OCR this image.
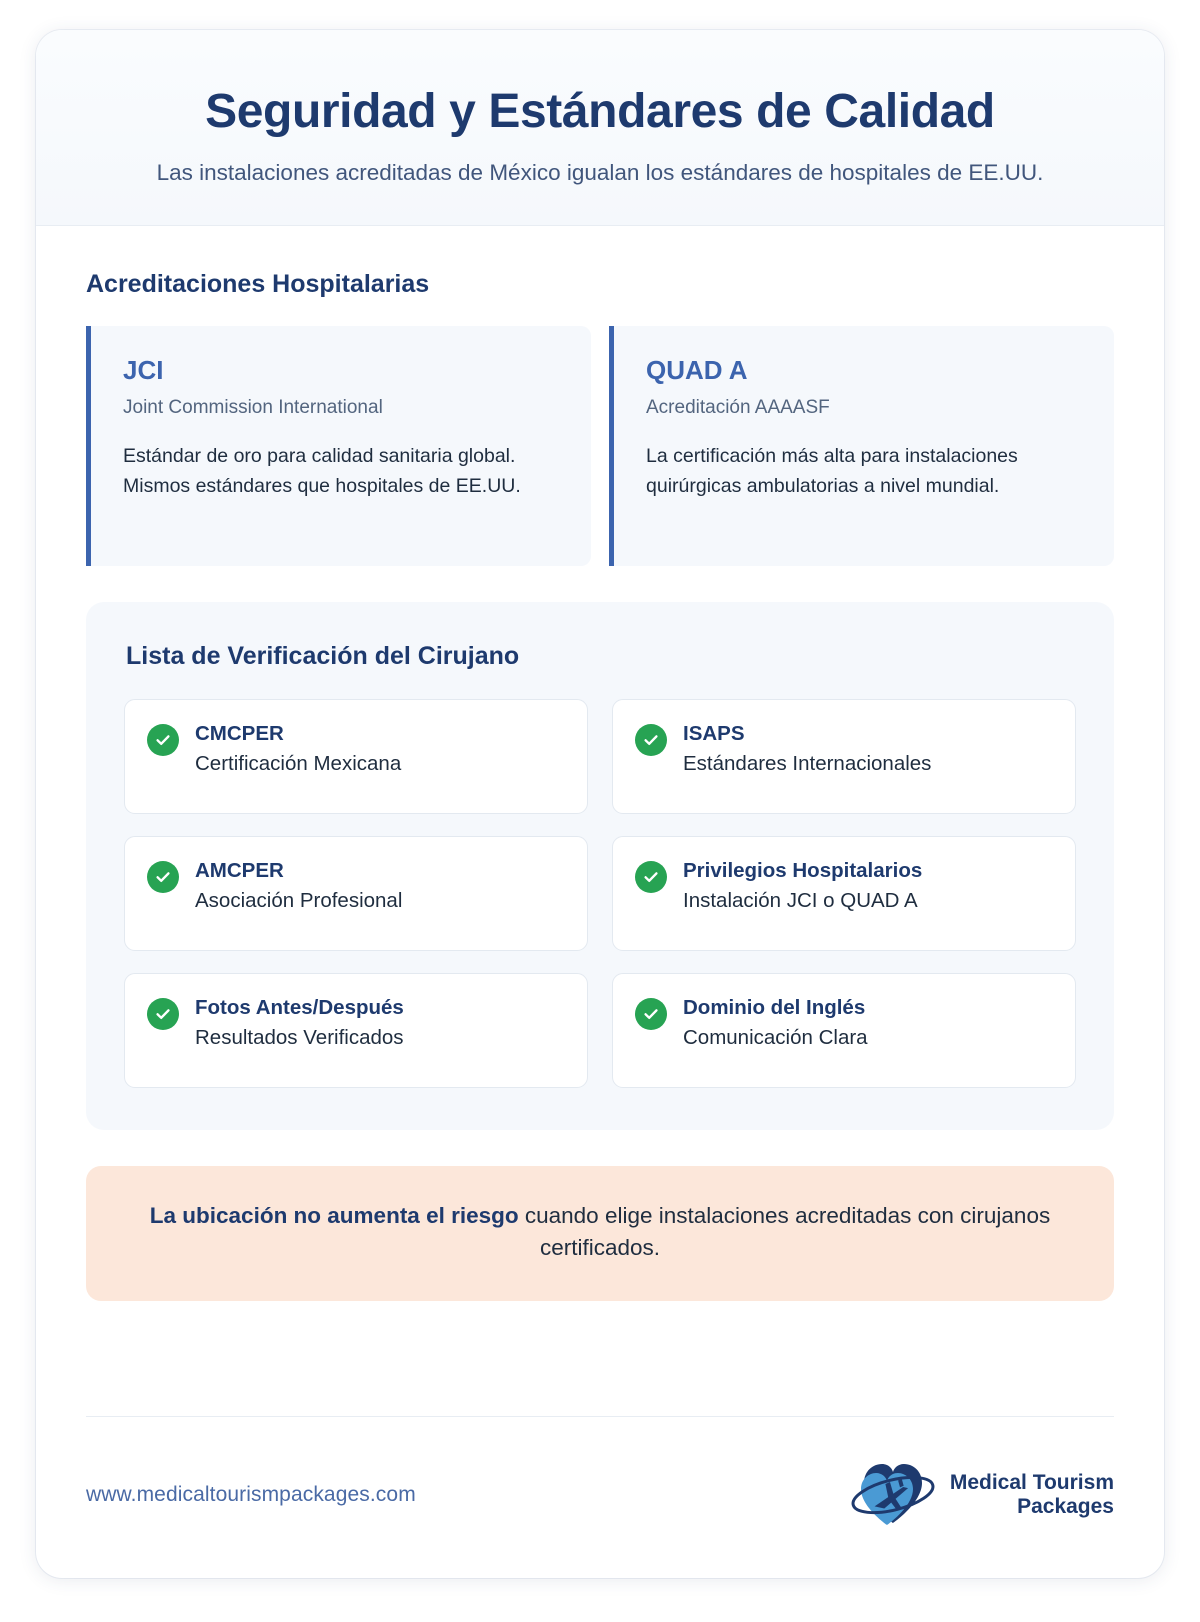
Seguridad y Estándares de Calidad

Las instalaciones acreditadas de México igualan los estándares de hospitales de EE.UU.

Acreditaciones Hospitalarias
JCI
Joint Commission International
Estándar de oro para calidad sanitaria global. Mismos estándares que hospitales de EE.UU.
QUAD A
Acreditación AAAASF
La certificación más alta para instalaciones quirúrgicas ambulatorias a nivel mundial.
Lista de Verificación del Cirujano
CMCPER
Certificación Mexicana
ISAPS
Estándares Internacionales
AMCPER
Asociación Profesional
Privilegios Hospitalarios
Instalación JCI o QUAD A
Fotos Antes/Después
Resultados Verificados
Dominio del Inglés
Comunicación Clara

La ubicación no aumenta el riesgo cuando elige instalaciones acreditadas con cirujanos certificados.

www.medicaltourismpackages.com
Medical Tourism
Packages
